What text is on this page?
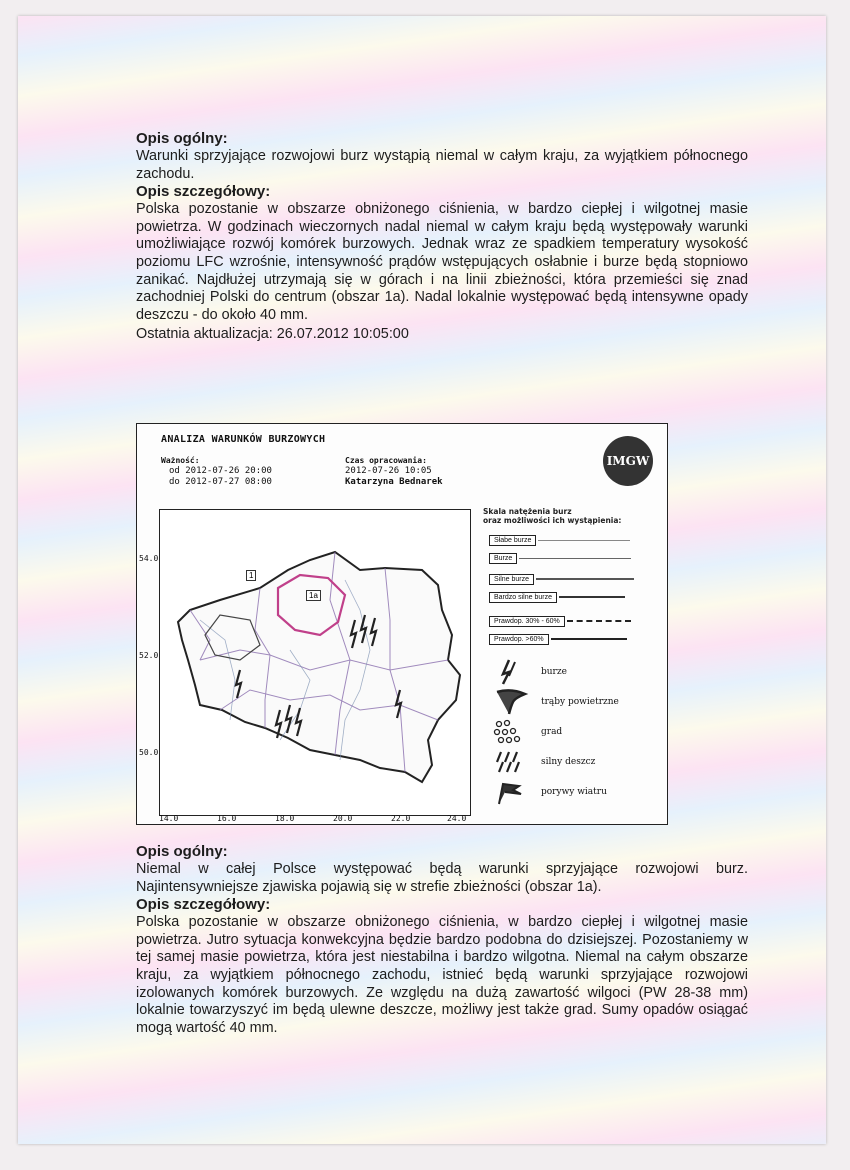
Opis ogólny:

Warunki sprzyjające rozwojowi burz wystąpią niemal w całym kraju, za wyjątkiem północnego zachodu.

Opis szczegółowy:

Polska pozostanie w obszarze obniżonego ciśnienia, w bardzo ciepłej i wilgotnej masie powietrza. W godzinach wieczornych nadal niemal w całym kraju będą występowały warunki umożliwiające rozwój komórek burzowych. Jednak wraz ze spadkiem temperatury wysokość poziomu LFC wzrośnie, intensywność prądów wstępujących osłabnie i burze będą stopniowo zanikać. Najdłużej utrzymają się w górach i na linii zbieżności, która przemieści się znad zachodniej Polski do centrum (obszar 1a). Nadal lokalnie występować będą intensywne opady deszczu - do około 40 mm.

Ostatnia aktualizacja: 26.07.2012 10:05:00

ANALIZA WARUNKÓW BURZOWYCH
Ważność:
od 2012-07-26 20:00
do 2012-07-27 08:00
Czas opracowania:
2012-07-26 10:05
Katarzyna Bednarek
IMGW
54.0
52.0
50.0
1
1a
14.0	16.0	18.0	20.0	22.0	24.0
Skala natężenia burz
oraz możliwości ich wystąpienia:
Słabe burze
Burze
Silne burze
Bardzo silne burze
Prawdop. 30% - 60%
Prawdop. >60%
burze
trąby powietrzne
grad
silny deszcz
porywy wiatru

Opis ogólny:

Niemal w całej Polsce występować będą warunki sprzyjające rozwojowi burz. Najintensywniejsze zjawiska pojawią się w strefie zbieżności (obszar 1a).

Opis szczegółowy:

Polska pozostanie w obszarze obniżonego ciśnienia, w bardzo ciepłej i wilgotnej masie powietrza. Jutro sytuacja konwekcyjna będzie bardzo podobna do dzisiejszej. Pozostaniemy w tej samej masie powietrza, która jest niestabilna i bardzo wilgotna. Niemal na całym obszarze kraju, za wyjątkiem północnego zachodu, istnieć będą warunki sprzyjające rozwojowi izolowanych komórek burzowych. Ze względu na dużą zawartość wilgoci (PW 28-38 mm) lokalnie towarzyszyć im będą ulewne deszcze, możliwy jest także grad. Sumy opadów osiągać mogą wartość 40 mm.
